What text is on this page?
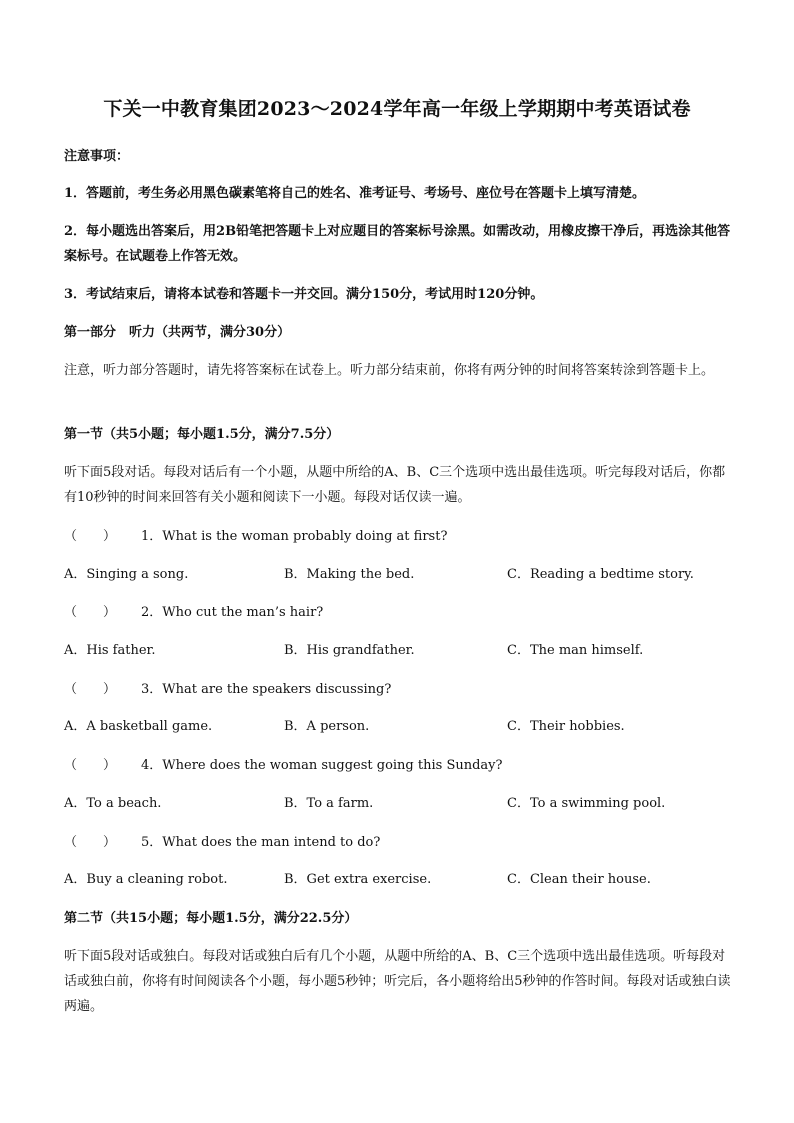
下关一中教育集团2023～2024学年高一年级上学期期中考英语试卷
注意事项：
1．答题前，考生务必用黑色碳素笔将自己的姓名、准考证号、考场号、座位号在答题卡上填写清楚。
2．每小题选出答案后，用2B铅笔把答题卡上对应题目的答案标号涂黑。如需改动，用橡皮擦干净后，再选涂其他答案标号。在试题卷上作答无效。
3．考试结束后，请将本试卷和答题卡一并交回。满分150分，考试用时120分钟。
第一部分　听力（共两节，满分30分）
注意，听力部分答题时，请先将答案标在试卷上。听力部分结束前，你将有两分钟的时间将答案转涂到答题卡上。
第一节（共5小题；每小题1.5分，满分7.5分）
听下面5段对话。每段对话后有一个小题，从题中所给的A、B、C三个选项中选出最佳选项。听完每段对话后，你都有10秒钟的时间来回答有关小题和阅读下一小题。每段对话仅读一遍。
（　　） 1．What is the woman probably doing at first?
A．Singing a song.	B．Making the bed.	C．Reading a bedtime story.
（　　） 2．Who cut the man’s hair?
A．His father.	B．His grandfather.	C．The man himself.
（　　） 3．What are the speakers discussing?
A．A basketball game.	B．A person.	C．Their hobbies.
（　　） 4．Where does the woman suggest going this Sunday?
A．To a beach.	B．To a farm.	C．To a swimming pool.
（　　） 5．What does the man intend to do?
A．Buy a cleaning robot.	B．Get extra exercise.	C．Clean their house.
第二节（共15小题；每小题1.5分，满分22.5分）
听下面5段对话或独白。每段对话或独白后有几个小题，从题中所给的A、B、C三个选项中选出最佳选项。听每段对话或独白前，你将有时间阅读各个小题，每小题5秒钟；听完后，各小题将给出5秒钟的作答时间。每段对话或独白读两遍。
